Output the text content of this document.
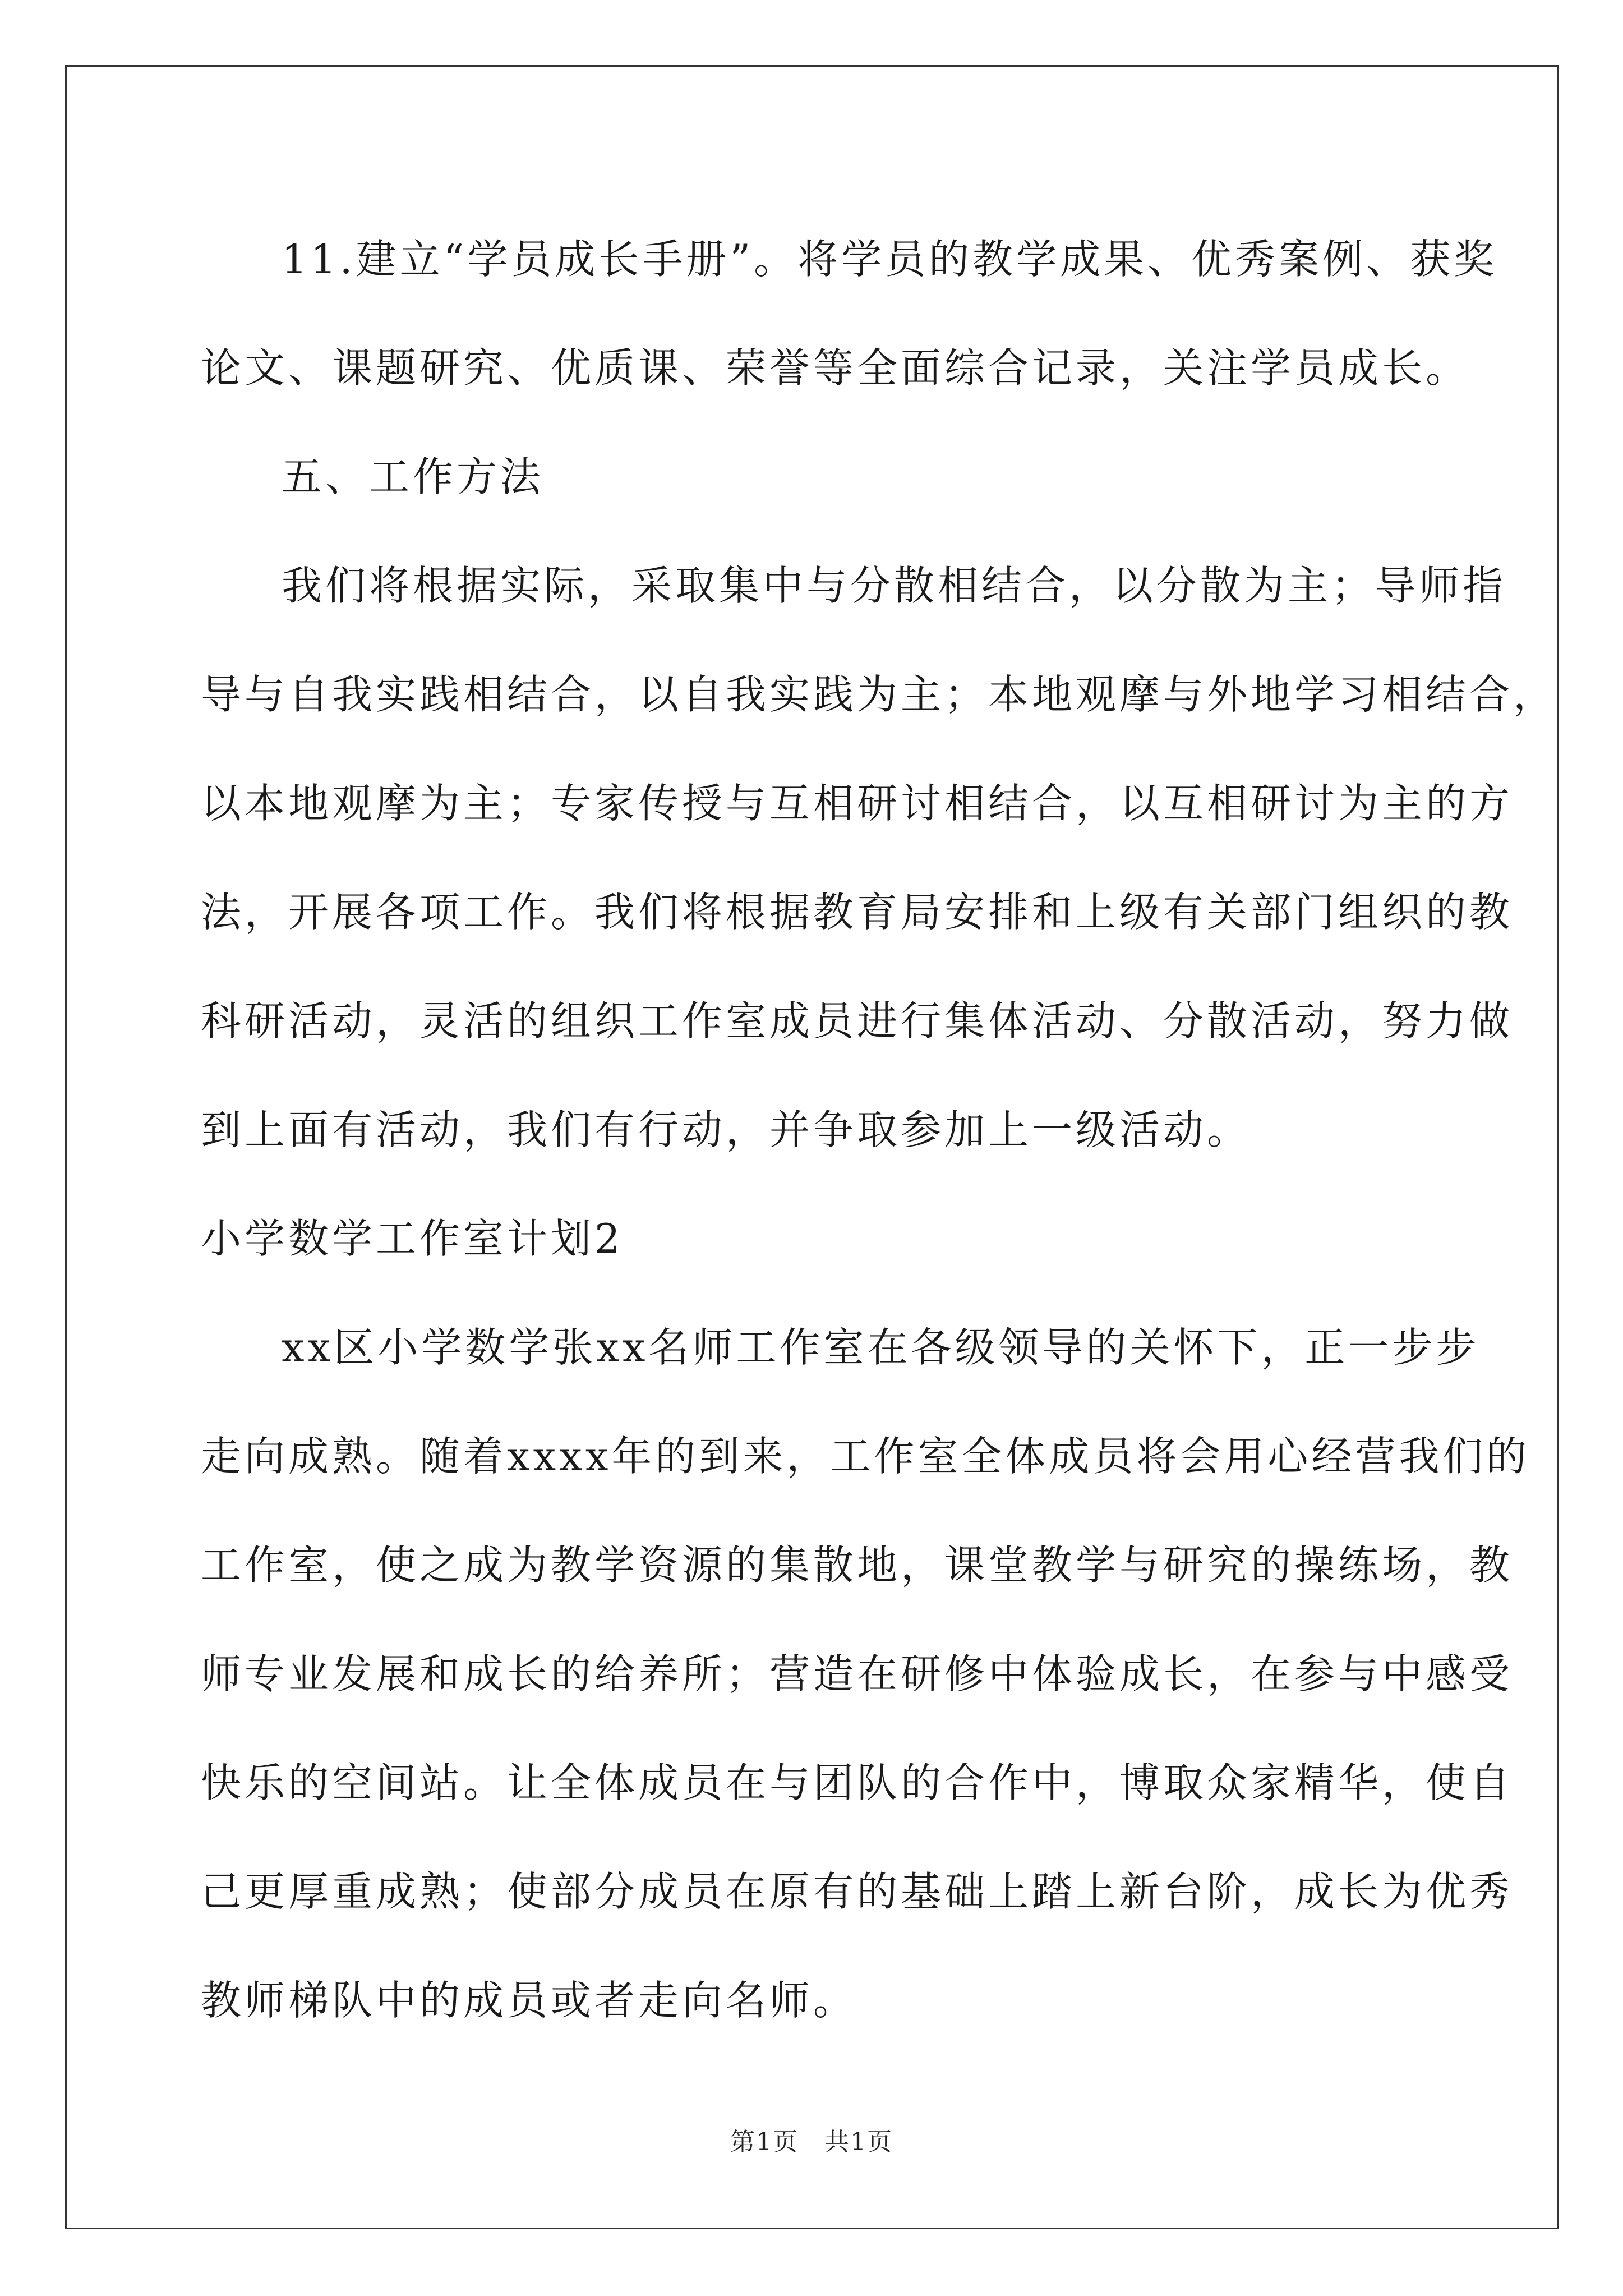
11.建立“学员成长手册”。将学员的教学成果、优秀案例、获奖
论文、课题研究、优质课、荣誉等全面综合记录，关注学员成长。
五、工作方法
我们将根据实际，采取集中与分散相结合，以分散为主；导师指
导与自我实践相结合，以自我实践为主；本地观摩与外地学习相结合，
以本地观摩为主；专家传授与互相研讨相结合，以互相研讨为主的方
法，开展各项工作。我们将根据教育局安排和上级有关部门组织的教
科研活动，灵活的组织工作室成员进行集体活动、分散活动，努力做
到上面有活动，我们有行动，并争取参加上一级活动。
小学数学工作室计划2
xx区小学数学张xx名师工作室在各级领导的关怀下，正一步步
走向成熟。随着xxxx年的到来，工作室全体成员将会用心经营我们的
工作室，使之成为教学资源的集散地，课堂教学与研究的操练场，教
师专业发展和成长的给养所；营造在研修中体验成长，在参与中感受
快乐的空间站。让全体成员在与团队的合作中，博取众家精华，使自
己更厚重成熟；使部分成员在原有的基础上踏上新台阶，成长为优秀
教师梯队中的成员或者走向名师。
第1页　共1页
